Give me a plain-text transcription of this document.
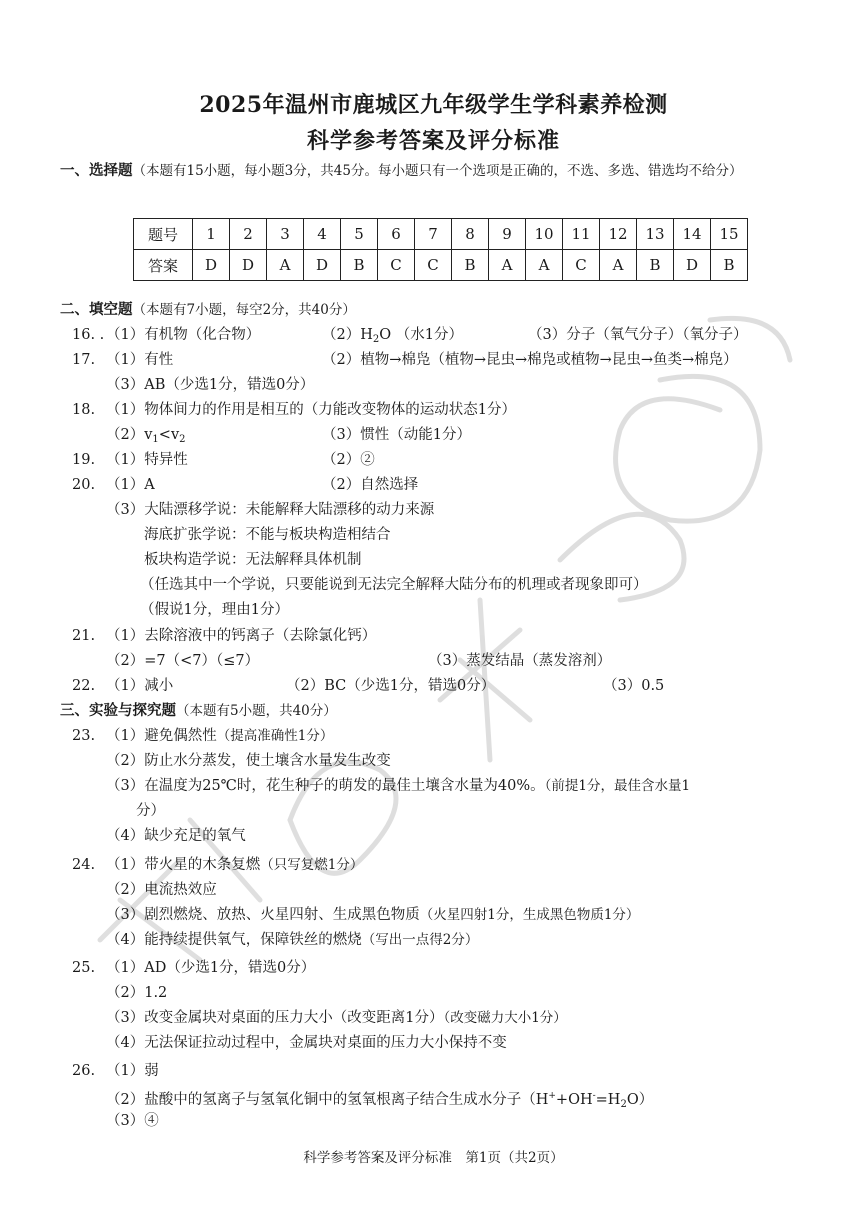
2025年温州市鹿城区九年级学生学科素养检测
科学参考答案及评分标准
一、选择题（本题有15小题，每小题3分，共45分。每小题只有一个选项是正确的，不选、多选、错选均不给分）
题号	1	2	3	4	5	6	7	8	9	10	11	12	13	14	15
答案	D	D	A	D	B	C	C	B	A	A	C	A	B	D	B
二、填空题（本题有7小题，每空2分，共40分）
16. . （1）有机物（化合物）	$(2)H_2O$ （水1分）	（3）分子（氧气分子）（氧分子）
17. （1）有性	（2）植物→棉凫（植物→昆虫→棉凫或植物→昆虫→鱼类→棉凫）
（3）AB（少选1分，错选0分）
18. （1）物体间力的作用是相互的（力能改变物体的运动状态1分）
$(2)v_1<v_2$	（3）惯性（动能1分）
19. （1）特异性	（2）②
20. （1）A	（2）自然选择
（3）大陆漂移学说：未能解释大陆漂移的动力来源
海底扩张学说：不能与板块构造相结合
板块构造学说：无法解释具体机制
（任选其中一个学说，只要能说到无法完全解释大陆分布的机理或者现象即可）
（假说1分，理由1分）
21. （1）去除溶液中的钙离子（去除氯化钙）
（2）=7（<7）（≤7）	（3）蒸发结晶（蒸发溶剂）
22. （1）减小	（2）BC（少选1分，错选0分）	（3）0.5
三、实验与探究题（本题有5小题，共40分）
23. （1）避免偶然性（提高准确性1分）
（2）防止水分蒸发，使土壤含水量发生改变
（3）在温度为25℃时，花生种子的萌发的最佳土壤含水量为40%。（前提1分，最佳含水量1
分）
（4）缺少充足的氧气
24. （1）带火星的木条复燃（只写复燃1分）
（2）电流热效应
（3）剧烈燃烧、放热、火星四射、生成黑色物质（火星四射1分，生成黑色物质1分）
（4）能持续提供氧气，保障铁丝的燃烧（写出一点得2分）
25. （1）AD（少选1分，错选0分）
（2）1.2
（3）改变金属块对桌面的压力大小（改变距离1分）（改变磁力大小1分）
（4）无法保证拉动过程中，金属块对桌面的压力大小保持不变
26. （1）弱
（2）盐酸中的氢离子与氢氧化铜中的氢氧根离子结合生成水分子$(H^++OH^-=H_2O)$
（3）④
科学参考答案及评分标准　第1页（共2页）
